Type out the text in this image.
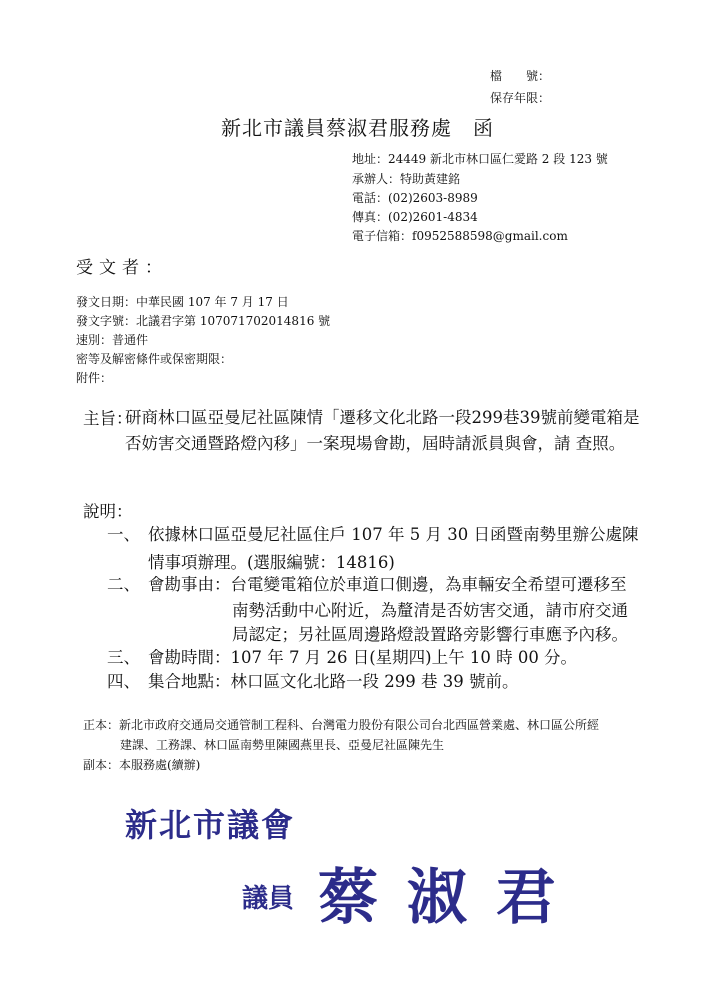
檔　　號：
保存年限：
新北市議員蔡淑君服務處　函
地址：24449 新北市林口區仁愛路 2 段 123 號
承辦人：特助黃建銘
電話：(02)2603-8989
傳真：(02)2601-4834
電子信箱：f0952588598@gmail.com
受文者：
發文日期：中華民國 107 年 7 月 17 日
發文字號：北議君字第 107071702014816 號
速別：普通件
密等及解密條件或保密期限：
附件：
主旨：
研商林口區亞曼尼社區陳情「遷移文化北路一段299巷39號前變電箱是否妨害交通暨路燈內移」一案現場會勘，屆時請派員與會，請 查照。
說明：
一、 依據林口區亞曼尼社區住戶 107 年 5 月 30 日函暨南勢里辦公處陳
情事項辦理。(選服編號：14816)
二、 會勘事由：台電變電箱位於車道口側邊，為車輛安全希望可遷移至
南勢活動中心附近，為釐清是否妨害交通，請市府交通
局認定；另社區周邊路燈設置路旁影響行車應予內移。
三、 會勘時間：107 年 7 月 26 日(星期四)上午 10 時 00 分。
四、 集合地點：林口區文化北路一段 299 巷 39 號前。
正本：新北市政府交通局交通管制工程科、台灣電力股份有限公司台北西區營業處、林口區公所經
建課、工務課、林口區南勢里陳國燕里長、亞曼尼社區陳先生
副本：本服務處(續辦)
新北市議會
議員 蔡 淑 君
